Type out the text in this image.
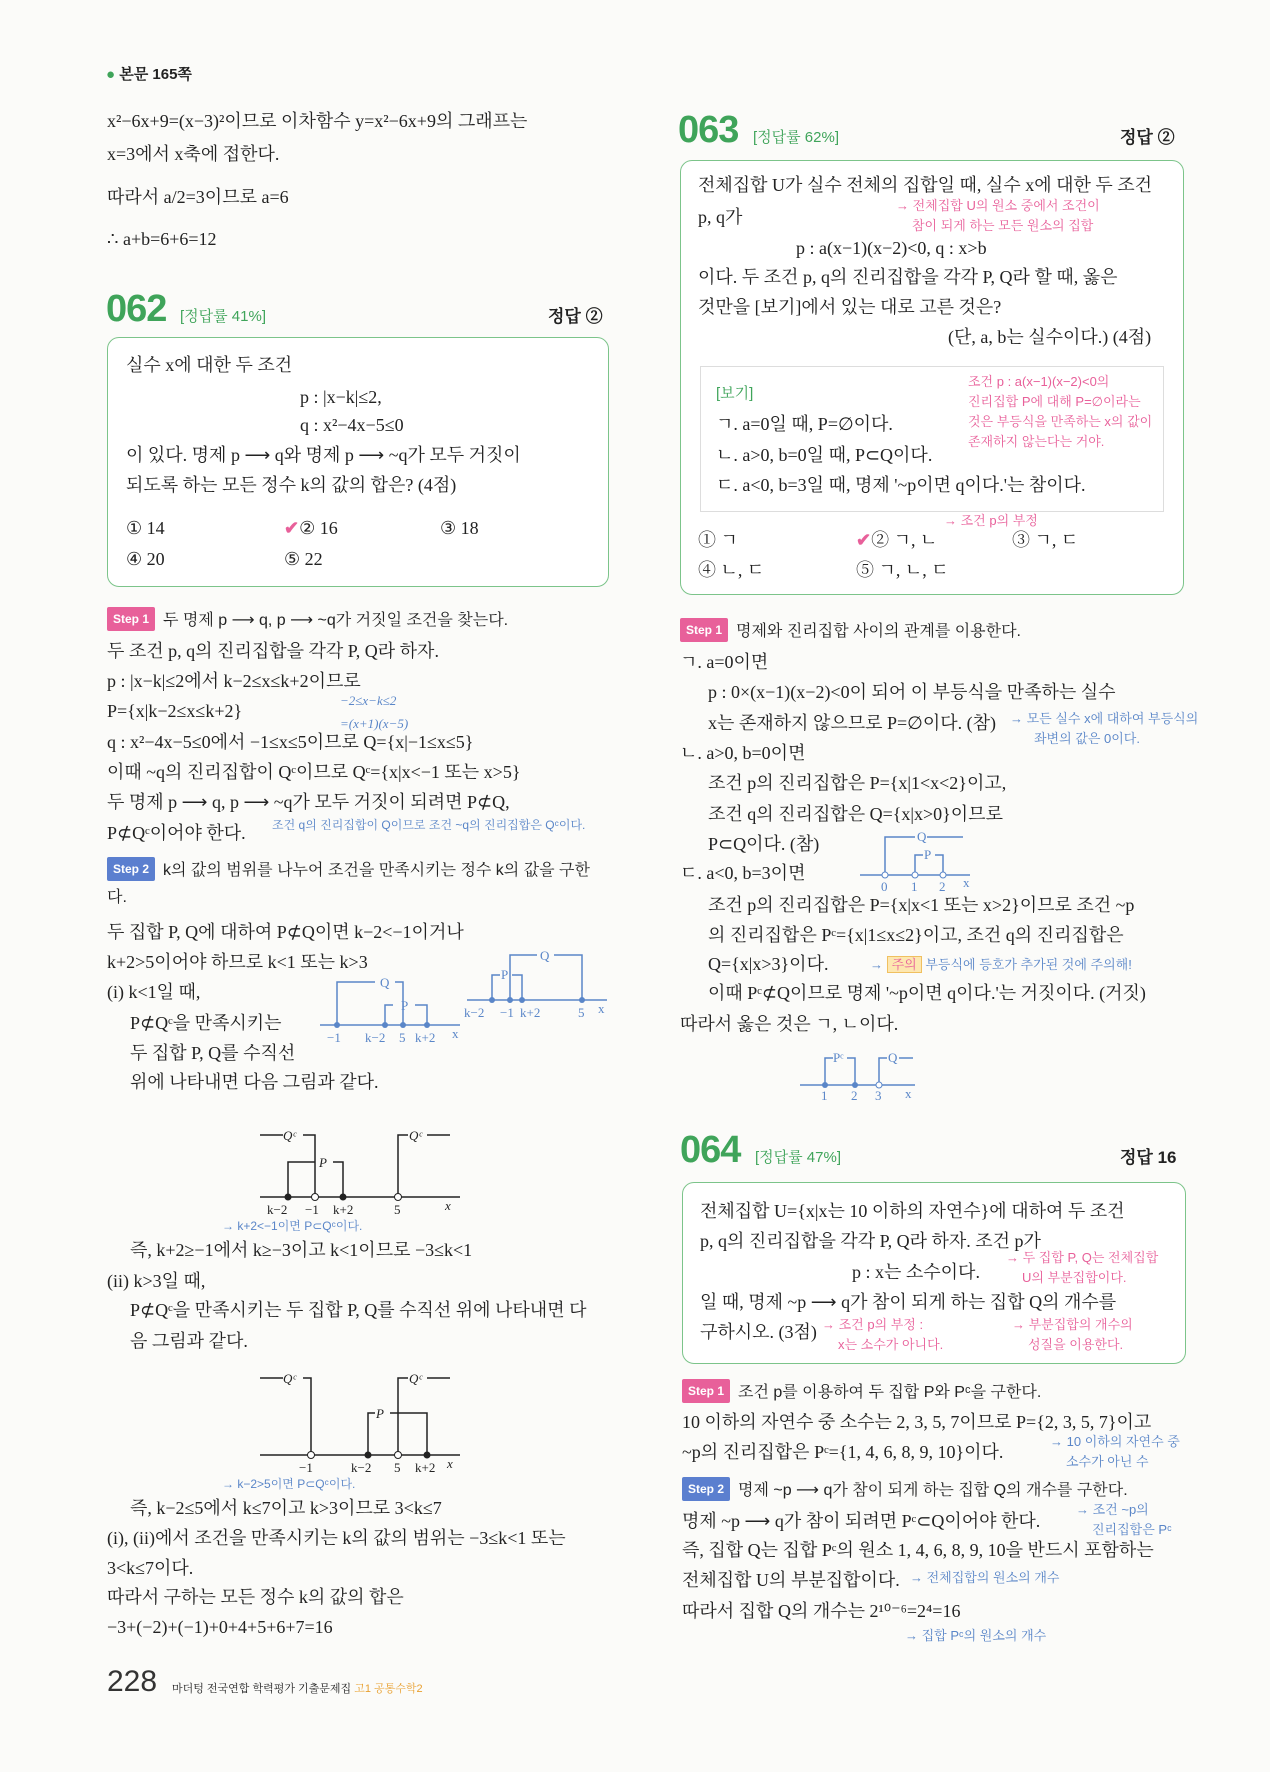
● 본문 165쪽
x²−6x+9=(x−3)²이므로 이차함수 y=x²−6x+9의 그래프는
x=3에서 x축에 접한다.
따라서 a/2=3이므로 a=6
∴ a+b=6+6=12
062 [정답률 41%]	정답 ②
실수 x에 대한 두 조건
p : |x−k|≤2,
q : x²−4x−5≤0
이 있다. 명제 p ⟶ q와 명제 p ⟶ ~q가 모두 거짓이
되도록 하는 모든 정수 k의 값의 합은? (4점)
① 14	✔② 16	③ 18
④ 20	⑤ 22
Step 1 두 명제 p ⟶ q, p ⟶ ~q가 거짓일 조건을 찾는다.
두 조건 p, q의 진리집합을 각각 P, Q라 하자.
p : |x−k|≤2에서 k−2≤x≤k+2이므로
P={x|k−2≤x≤k+2}
q : x²−4x−5≤0에서 −1≤x≤5이므로 Q={x|−1≤x≤5}
이때 ~q의 진리집합이 Qᶜ이므로 Qᶜ={x|x<−1 또는 x>5}
두 명제 p ⟶ q, p ⟶ ~q가 모두 거짓이 되려면 P⊄Q,
P⊄Qᶜ이어야 한다.
−2≤x−k≤2
=(x+1)(x−5)
조건 q의 진리집합이 Q이므로 조건 ~q의 진리집합은 Qᶜ이다.
Step 2 k의 값의 범위를 나누어 조건을 만족시키는 정수 k의 값을 구한
다.
두 집합 P, Q에 대하여 P⊄Q이면 k−2<−1이거나
k+2>5이어야 하므로 k<1 또는 k>3
(i) k<1일 때,
P⊄Qᶜ을 만족시키는
두 집합 P, Q를 수직선
위에 나타내면 다음 그림과 같다.
Q
P
−1 k−2 5 k+2 x
Q
P
k−2 −1 k+2	5 x
Qᶜ	Qᶜ
P
k−2 −1 k+2	5	x
→ k+2<−1이면 P⊂Qᶜ이다.
즉, k+2≥−1에서 k≥−3이고 k<1이므로 −3≤k<1
(ii) k>3일 때,
P⊄Qᶜ을 만족시키는 두 집합 P, Q를 수직선 위에 나타내면 다
음 그림과 같다.
Qᶜ	Qᶜ
P
−1	k−2 5 k+2 x
→ k−2>5이면 P⊂Qᶜ이다.
즉, k−2≤5에서 k≤7이고 k>3이므로 3<k≤7
(i), (ii)에서 조건을 만족시키는 k의 값의 범위는 −3≤k<1 또는
3<k≤7이다.
따라서 구하는 모든 정수 k의 값의 합은
−3+(−2)+(−1)+0+4+5+6+7=16
228 마더텅 전국연합 학력평가 기출문제집 고1 공통수학2
063 [정답률 62%]	정답 ②
전체집합 U가 실수 전체의 집합일 때, 실수 x에 대한 두 조건
p, q가
→ 전체집합 U의 원소 중에서 조건이
참이 되게 하는 모든 원소의 집합
p : a(x−1)(x−2)<0, q : x>b
이다. 두 조건 p, q의 진리집합을 각각 P, Q라 할 때, 옳은
것만을 [보기]에서 있는 대로 고른 것은?
(단, a, b는 실수이다.) (4점)
[보기]
ㄱ. a=0일 때, P=∅이다.
ㄴ. a>0, b=0일 때, P⊂Q이다.
ㄷ. a<0, b=3일 때, 명제 '~p이면 q이다.'는 참이다.
조건 p : a(x−1)(x−2)<0의
진리집합 P에 대해 P=∅이라는
것은 부등식을 만족하는 x의 값이
존재하지 않는다는 거야.
→ 조건 p의 부정
① ㄱ	✔② ㄱ, ㄴ	③ ㄱ, ㄷ
④ ㄴ, ㄷ	⑤ ㄱ, ㄴ, ㄷ
Step 1 명제와 진리집합 사이의 관계를 이용한다.
ㄱ. a=0이면
p : 0×(x−1)(x−2)<0이 되어 이 부등식을 만족하는 실수
x는 존재하지 않으므로 P=∅이다. (참) → 모든 실수 x에 대하여 부등식의
좌변의 값은 0이다.
ㄴ. a>0, b=0이면
조건 p의 진리집합은 P={x|1<x<2}이고,
조건 q의 진리집합은 Q={x|x>0}이므로
P⊂Q이다. (참)
ㄷ. a<0, b=3이면
조건 p의 진리집합은 P={x|x<1 또는 x>2}이므로 조건 ~p
의 진리집합은 Pᶜ={x|1≤x≤2}이고, 조건 q의 진리집합은
Q={x|x>3}이다.	→ 주의 부등식에 등호가 추가된 것에 주의해!
이때 Pᶜ⊄Q이므로 명제 '~p이면 q이다.'는 거짓이다. (거짓)
따라서 옳은 것은 ㄱ, ㄴ이다.
Q
P
0 1 2 x
Pᶜ	Q
1 2 3 x
064 [정답률 47%]	정답 16
전체집합 U={x|x는 10 이하의 자연수}에 대하여 두 조건
p, q의 진리집합을 각각 P, Q라 하자. 조건 p가
p : x는 소수이다.
일 때, 명제 ~p ⟶ q가 참이 되게 하는 집합 Q의 개수를
구하시오. (3점)
→ 두 집합 P, Q는 전체집합
U의 부분집합이다.
→ 조건 p의 부정 :
x는 소수가 아니다.
→ 부분집합의 개수의
성질을 이용한다.
Step 1 조건 p를 이용하여 두 집합 P와 Pᶜ을 구한다.
10 이하의 자연수 중 소수는 2, 3, 5, 7이므로 P={2, 3, 5, 7}이고
~p의 진리집합은 Pᶜ={1, 4, 6, 8, 9, 10}이다.
→ 10 이하의 자연수 중
소수가 아닌 수
Step 2 명제 ~p ⟶ q가 참이 되게 하는 집합 Q의 개수를 구한다.
명제 ~p ⟶ q가 참이 되려면 Pᶜ⊂Q이어야 한다.
→ 조건 ~p의
진리집합은 Pᶜ
즉, 집합 Q는 집합 Pᶜ의 원소 1, 4, 6, 8, 9, 10을 반드시 포함하는
전체집합 U의 부분집합이다. → 전체집합의 원소의 개수
따라서 집합 Q의 개수는 2¹⁰⁻⁶=2⁴=16
→ 집합 Pᶜ의 원소의 개수
